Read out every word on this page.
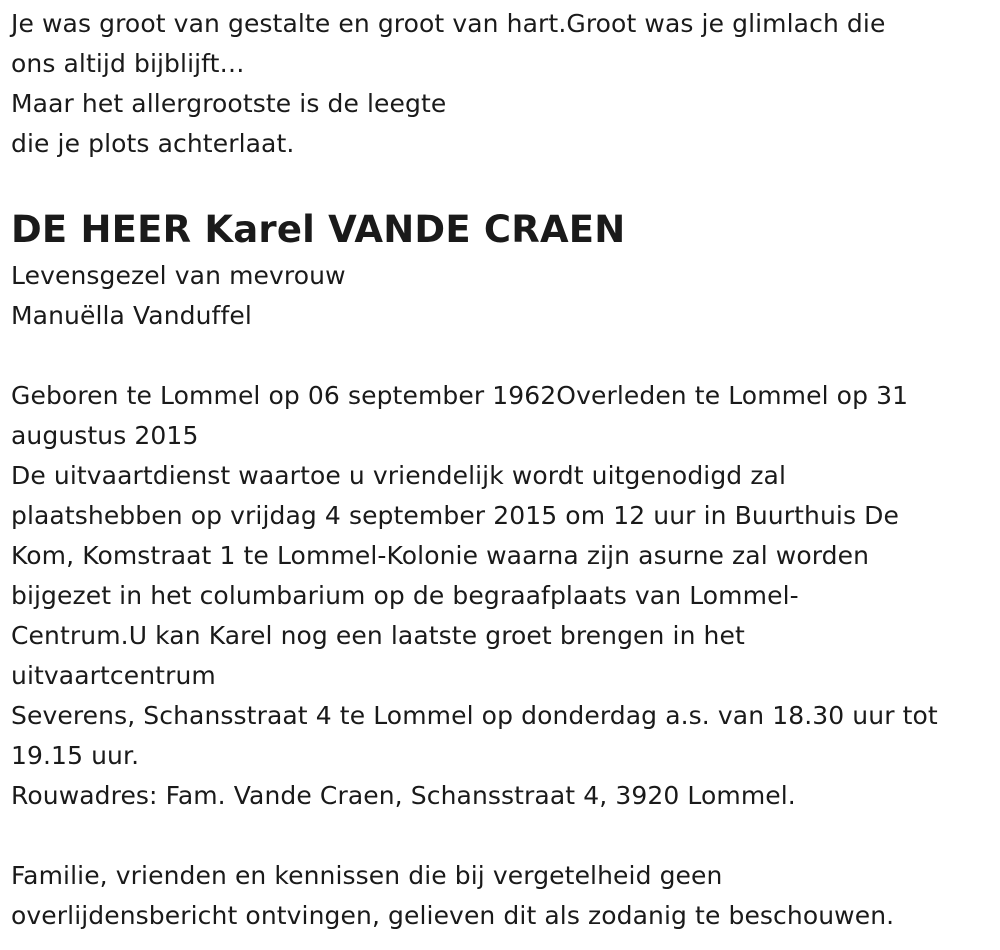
Je was groot van gestalte en groot van hart.Groot was je glimlach die
ons altijd bijblijft…
Maar het allergrootste is de leegte
die je plots achterlaat.
DE HEER Karel VANDE CRAEN
Levensgezel van mevrouw
Manuëlla Vanduffel
Geboren te Lommel op 06 september 1962Overleden te Lommel op 31
augustus 2015
De uitvaartdienst waartoe u vriendelijk wordt uitgenodigd zal
plaatshebben op vrijdag 4 september 2015 om 12 uur in Buurthuis De
Kom, Komstraat 1 te Lommel-Kolonie waarna zijn asurne zal worden
bijgezet in het columbarium op de begraafplaats van Lommel-
Centrum.U kan Karel nog een laatste groet brengen in het
uitvaartcentrum
Severens, Schansstraat 4 te Lommel op donderdag a.s. van 18.30 uur tot
19.15 uur.
Rouwadres: Fam. Vande Craen, Schansstraat 4, 3920 Lommel.
Familie, vrienden en kennissen die bij vergetelheid geen
overlijdensbericht ontvingen, gelieven dit als zodanig te beschouwen.
